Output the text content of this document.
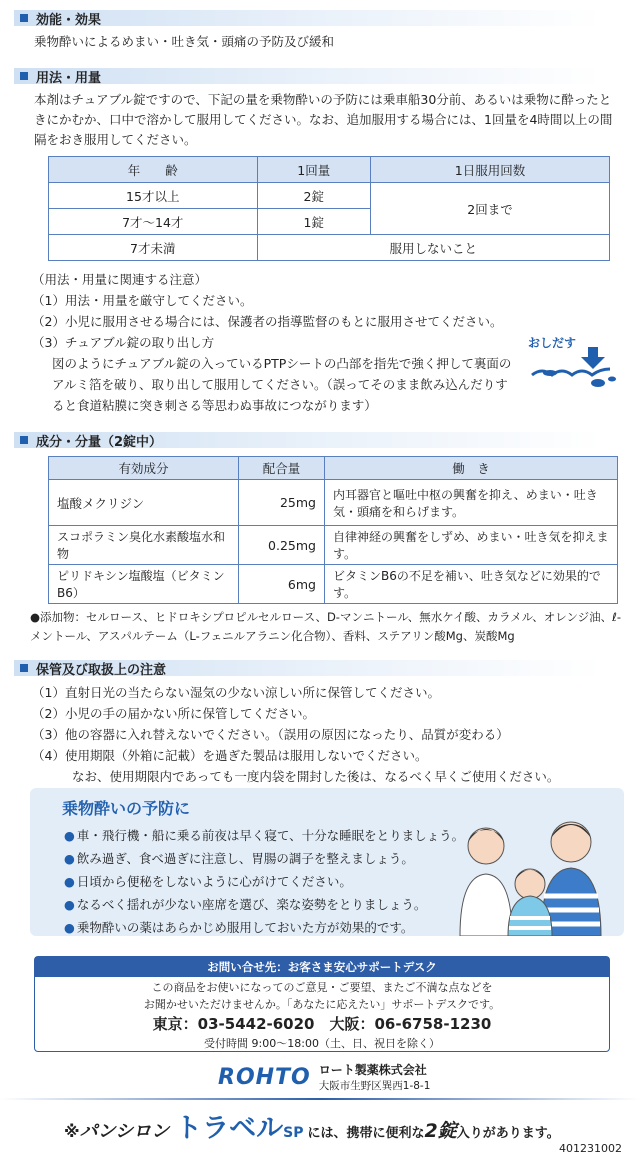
効能・効果
乗物酔いによるめまい・吐き気・頭痛の予防及び緩和
用法・用量
本剤はチュアブル錠ですので、下記の量を乗物酔いの予防には乗車船30分前、あるいは乗物に酔ったときにかむか、口中で溶かして服用してください。なお、追加服用する場合には、1回量を4時間以上の間隔をおき服用してください。
年　　齢	1回量	1日服用回数
15才以上	2錠	2回まで
7才～14才	1錠	
7才未満	服用しないこと	
（用法・用量に関連する注意）
（1）用法・用量を厳守してください。
（2）小児に服用させる場合には、保護者の指導監督のもとに服用させてください。
（3）チュアブル錠の取り出し方
図のようにチュアブル錠の入っているPTPシートの凸部を指先で強く押して裏面のアルミ箔を破り、取り出して服用してください。（誤ってそのまま飲み込んだりすると食道粘膜に突き刺さる等思わぬ事故につながります）
おしだす
成分・分量（2錠中）
有効成分	配合量	働　き
塩酸メクリジン	25mg	内耳器官と嘔吐中枢の興奮を抑え、めまい・吐き気・頭痛を和らげます。
スコポラミン臭化水素酸塩水和物	0.25mg	自律神経の興奮をしずめ、めまい・吐き気を抑えます。
ピリドキシン塩酸塩（ビタミンB6）	6mg	ビタミンB6の不足を補い、吐き気などに効果的です。
●添加物：セルロース、ヒドロキシプロピルセルロース、D-マンニトール、無水ケイ酸、カラメル、オレンジ油、ℓ-メントール、アスパルテーム（L-フェニルアラニン化合物）、香料、ステアリン酸Mg、炭酸Mg
保管及び取扱上の注意
（1）直射日光の当たらない湿気の少ない涼しい所に保管してください。
（2）小児の手の届かない所に保管してください。
（3）他の容器に入れ替えないでください。（誤用の原因になったり、品質が変わる）
（4）使用期限（外箱に記載）を過ぎた製品は服用しないでください。
なお、使用期限内であっても一度内袋を開封した後は、なるべく早くご使用ください。
乗物酔いの予防に
● 車・飛行機・船に乗る前夜は早く寝て、十分な睡眠をとりましょう。
● 飲み過ぎ、食べ過ぎに注意し、胃腸の調子を整えましょう。
● 日頃から便秘をしないように心がけてください。
● なるべく揺れが少ない座席を選び、楽な姿勢をとりましょう。
● 乗物酔いの薬はあらかじめ服用しておいた方が効果的です。
お問い合せ先：お客さま安心サポートデスク
この商品をお使いになってのご意見・ご要望、またご不満な点などを
お聞かせいただけませんか。「あなたに応えたい」サポートデスクです。
東京：03-5442-6020　大阪：06-6758-1230
受付時間 9:00～18:00（土、日、祝日を除く）
ROHTO ロート製薬株式会社
大阪市生野区巽西1-8-1
※ パンシロン トラベル SP には、携帯に便利な 2錠 入りがあります。
401231002
